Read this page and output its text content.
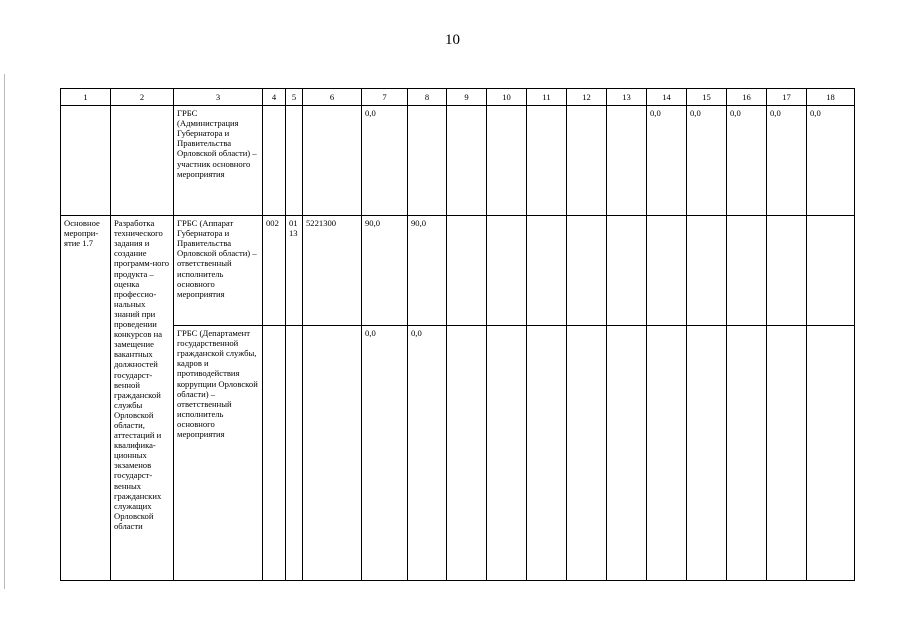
10
1	2	3	4	5	6	7	8	9	10	11	12	13	14	15	16	17	18
		ГРБС (Администрация Губернатора и Правительства Орловской области) – участник основного мероприятия				0,0							0,0	0,0	0,0	0,0	0,0
Основное меропри-ятие 1.7	Разработка технического задания и создание программ-ного продукта – оценка профессио-нальных знаний при проведении конкурсов на замещение вакантных должностей государст-венной гражданской службы Орловской области, аттестаций и квалифика-ционных экзаменов государст-венных гражданских служащих Орловской области	ГРБС (Аппарат Губернатора и Правительства Орловской области) – ответственный исполнитель основного мероприятия	002	01 13	5221300	90,0	90,0										
		ГРБС (Департамент государственной гражданской службы, кадров и противодействия коррупции Орловской области) – ответственный исполнитель основного мероприятия				0,0	0,0										
